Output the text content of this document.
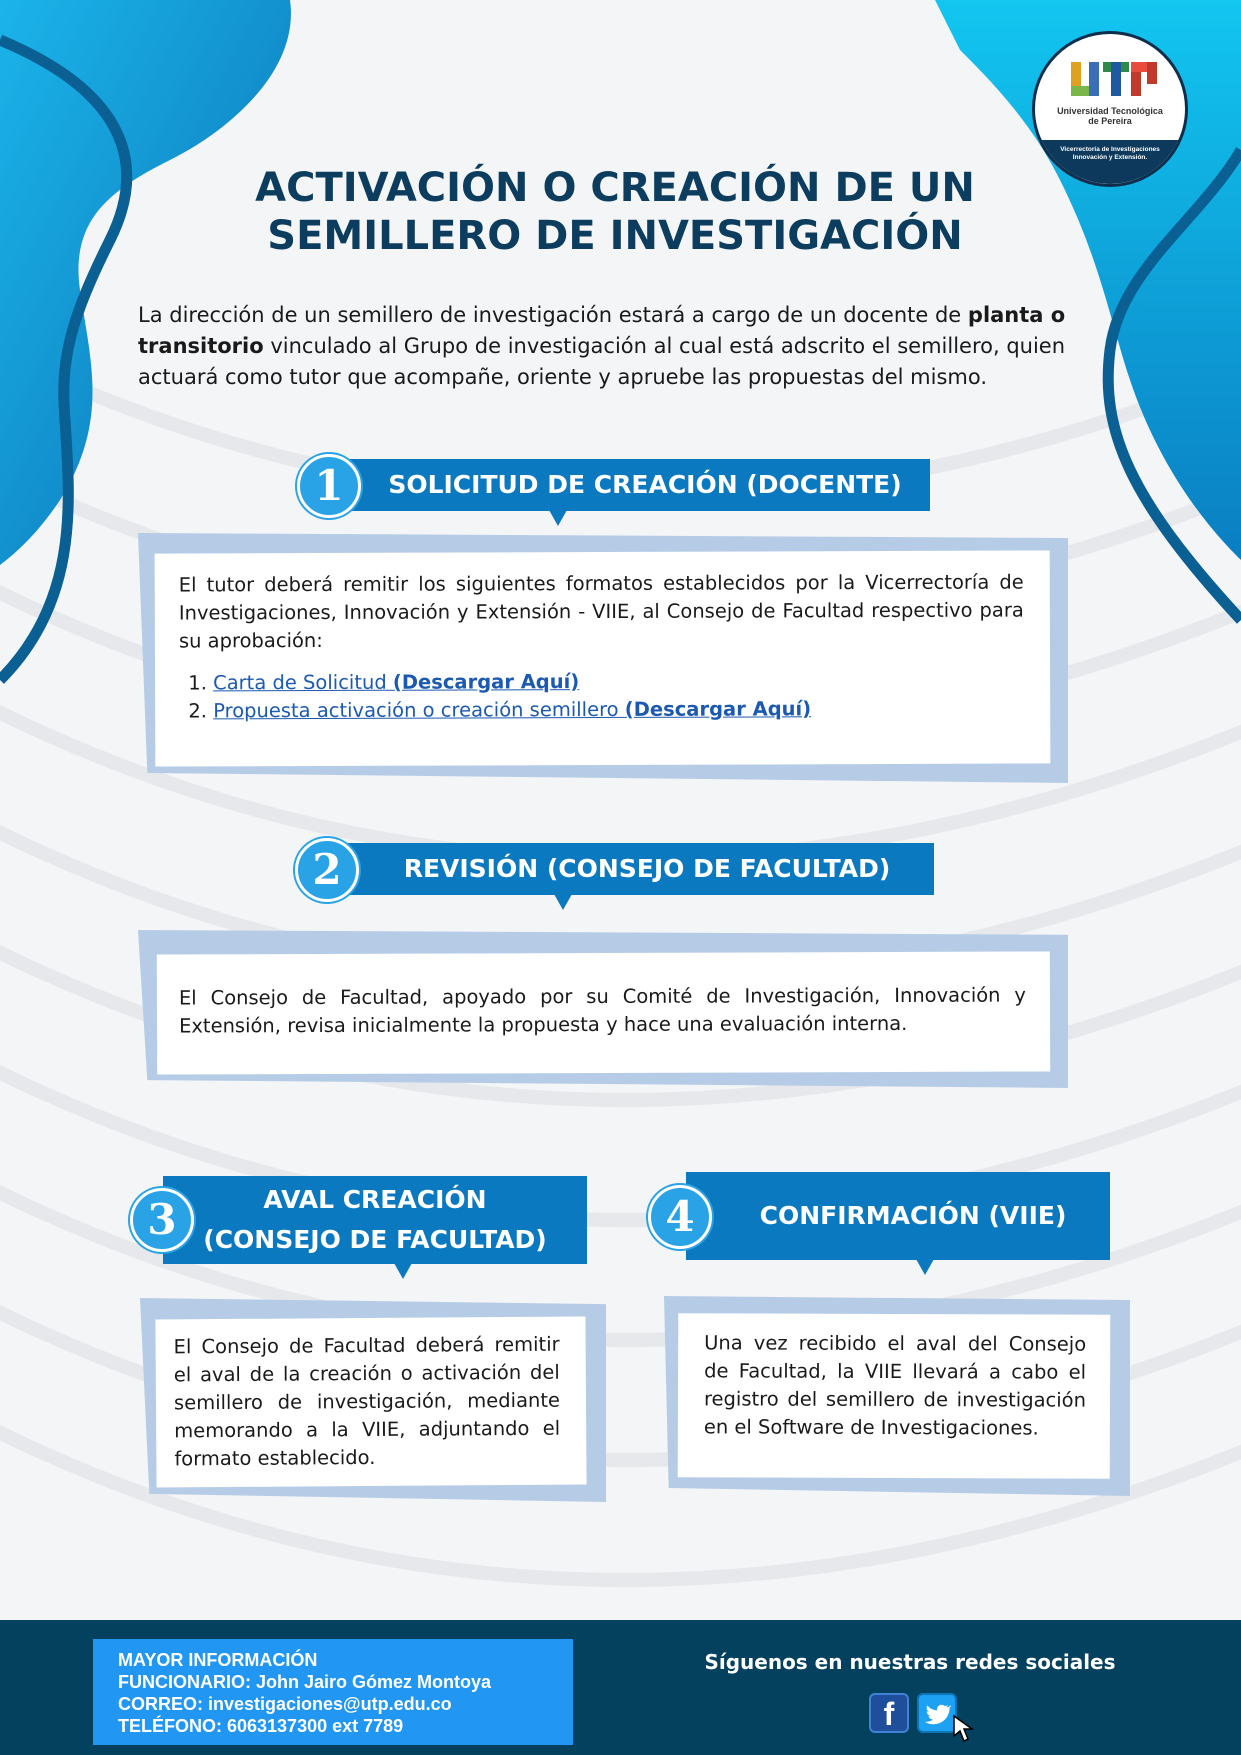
Universidad Tecnológica
de Pereira
Vicerrectoría de Investigaciones
Innovación y Extensión.
ACTIVACIÓN O CREACIÓN DE UN
SEMILLERO DE INVESTIGACIÓN
La dirección de un semillero de investigación estará a cargo de un docente de planta o transitorio vinculado al Grupo de investigación al cual está adscrito el semillero, quien actuará como tutor que acompañe, oriente y apruebe las propuestas del mismo.
SOLICITUD DE CREACIÓN (DOCENTE)
1
El tutor deberá remitir los siguientes formatos establecidos por la Vicerrectoría de Investigaciones, Innovación y Extensión - VIIE, al Consejo de Facultad respectivo para su aprobación:
1. Carta de Solicitud (Descargar Aquí)
2. Propuesta activación o creación semillero (Descargar Aquí)
REVISIÓN (CONSEJO DE FACULTAD)
2
El Consejo de Facultad, apoyado por su Comité de Investigación, Innovación y Extensión, revisa inicialmente la propuesta y hace una evaluación interna.
AVAL CREACIÓN
(CONSEJO DE FACULTAD)
3
El Consejo de Facultad deberá remitir el aval de la creación o activación del semillero de investigación, mediante memorando a la VIIE, adjuntando el formato establecido.
CONFIRMACIÓN (VIIE)
4
Una vez recibido el aval del Consejo de Facultad, la VIIE llevará a cabo el registro del semillero de investigación en el Software de Investigaciones.
MAYOR INFORMACIÓN
FUNCIONARIO: John Jairo Gómez Montoya
CORREO: investigaciones@utp.edu.co
TELÉFONO: 6063137300 ext 7789
Síguenos en nuestras redes sociales
f
